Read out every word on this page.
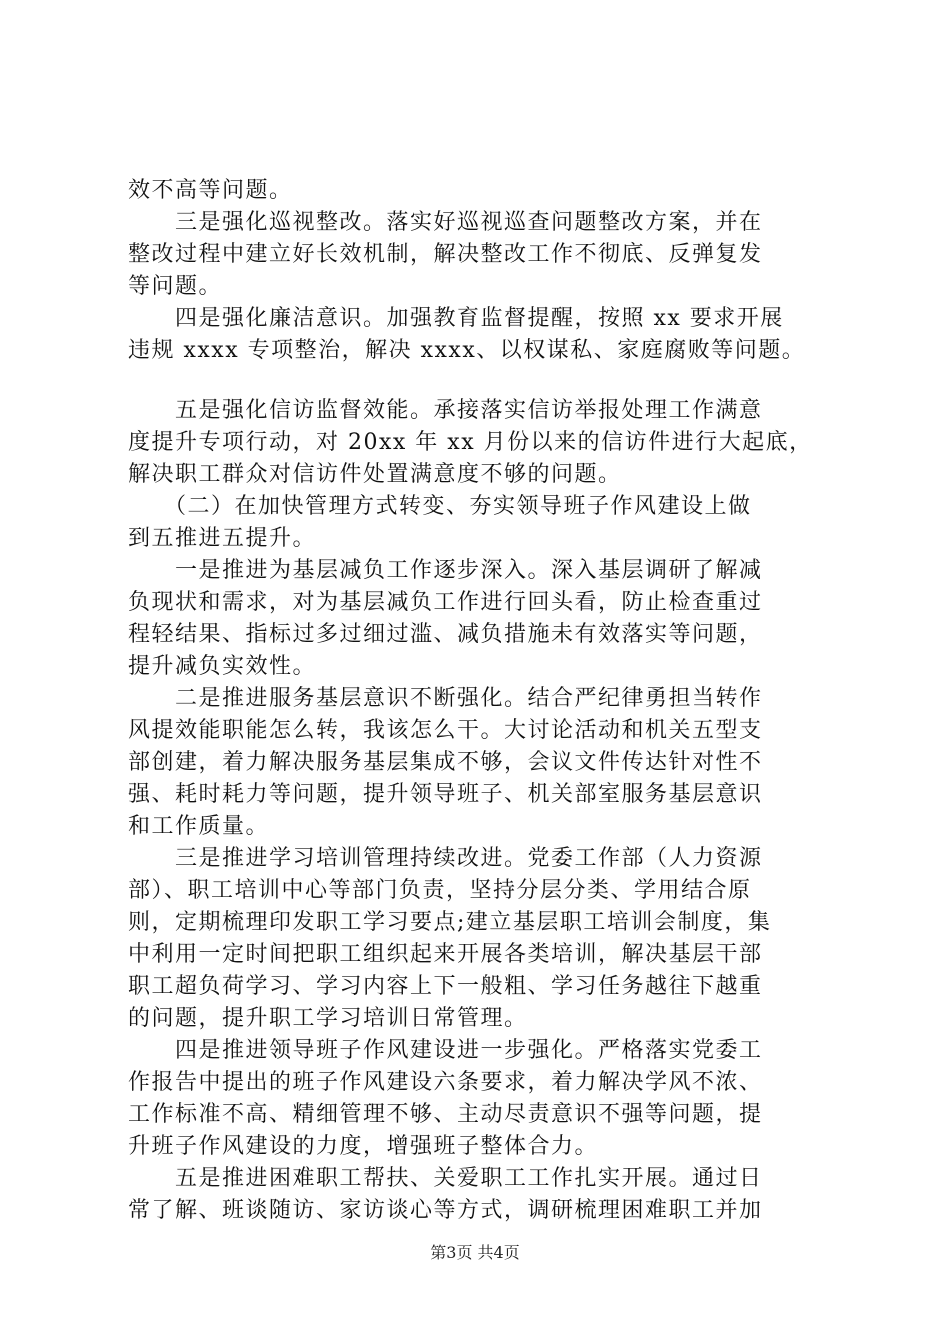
效不高等问题。
　　三是强化巡视整改。落实好巡视巡查问题整改方案，并在
整改过程中建立好长效机制，解决整改工作不彻底、反弹复发
等问题。
　　四是强化廉洁意识。加强教育监督提醒，按照 xx 要求开展
违规 xxxx 专项整治，解决 xxxx、以权谋私、家庭腐败等问题。
　　五是强化信访监督效能。承接落实信访举报处理工作满意
度提升专项行动，对 20xx 年 xx 月份以来的信访件进行大起底，
解决职工群众对信访件处置满意度不够的问题。
　　（二）在加快管理方式转变、夯实领导班子作风建设上做
到五推进五提升。
　　一是推进为基层减负工作逐步深入。深入基层调研了解减
负现状和需求，对为基层减负工作进行回头看，防止检查重过
程轻结果、指标过多过细过滥、减负措施未有效落实等问题，
提升减负实效性。
　　二是推进服务基层意识不断强化。结合严纪律勇担当转作
风提效能职能怎么转，我该怎么干。大讨论活动和机关五型支
部创建，着力解决服务基层集成不够，会议文件传达针对性不
强、耗时耗力等问题，提升领导班子、机关部室服务基层意识
和工作质量。
　　三是推进学习培训管理持续改进。党委工作部（人力资源
部）、职工培训中心等部门负责，坚持分层分类、学用结合原
则，定期梳理印发职工学习要点;建立基层职工培训会制度，集
中利用一定时间把职工组织起来开展各类培训，解决基层干部
职工超负荷学习、学习内容上下一般粗、学习任务越往下越重
的问题，提升职工学习培训日常管理。
　　四是推进领导班子作风建设进一步强化。严格落实党委工
作报告中提出的班子作风建设六条要求，着力解决学风不浓、
工作标准不高、精细管理不够、主动尽责意识不强等问题，提
升班子作风建设的力度，增强班子整体合力。
　　五是推进困难职工帮扶、关爱职工工作扎实开展。通过日
常了解、班谈随访、家访谈心等方式，调研梳理困难职工并加
第3页 共4页
